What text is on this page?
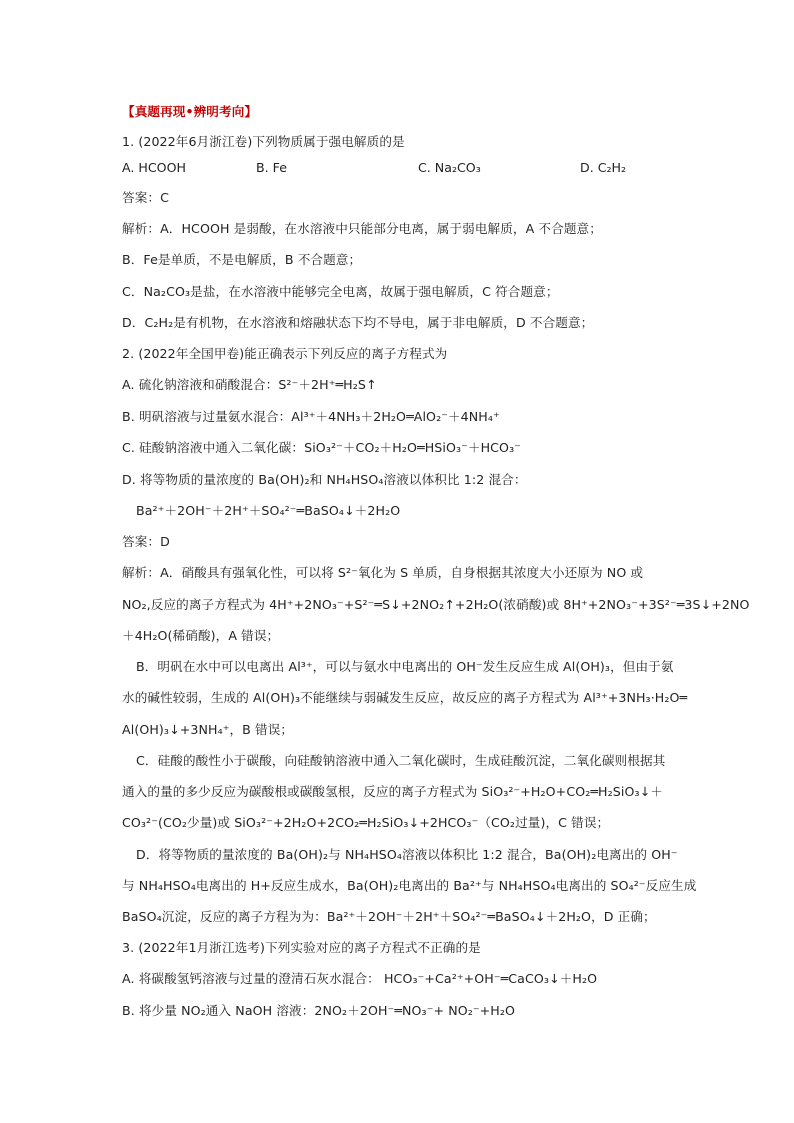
【真题再现•辨明考向】
1. (2022年6月浙江卷)下列物质属于强电解质的是
A. HCOOH	B. Fe	C. Na₂CO₃	D. C₂H₂
答案：C
解析：A．HCOOH 是弱酸，在水溶液中只能部分电离，属于弱电解质，A 不合题意；
B．Fe是单质，不是电解质，B 不合题意；
C．Na₂CO₃是盐，在水溶液中能够完全电离，故属于强电解质，C 符合题意；
D．C₂H₂是有机物，在水溶液和熔融状态下均不导电，属于非电解质，D 不合题意；
2. (2022年全国甲卷)能正确表示下列反应的离子方程式为
A. 硫化钠溶液和硝酸混合：S²⁻＋2H⁺═H₂S↑
B. 明矾溶液与过量氨水混合：Al³⁺＋4NH₃＋2H₂O═AlO₂⁻＋4NH₄⁺
C. 硅酸钠溶液中通入二氧化碳：SiO₃²⁻＋CO₂＋H₂O═HSiO₃⁻＋HCO₃⁻
D. 将等物质的量浓度的 Ba(OH)₂和 NH₄HSO₄溶液以体积比 1:2 混合：
Ba²⁺＋2OH⁻＋2H⁺＋SO₄²⁻═BaSO₄↓＋2H₂O
答案：D
解析：A．硝酸具有强氧化性，可以将 S²⁻氧化为 S 单质，自身根据其浓度大小还原为 NO 或
NO₂,反应的离子方程式为 4H⁺+2NO₃⁻+S²⁻═S↓+2NO₂↑+2H₂O(浓硝酸)或 8H⁺+2NO₃⁻+3S²⁻═3S↓+2NO
＋4H₂O(稀硝酸)，A 错误；
B．明矾在水中可以电离出 Al³⁺，可以与氨水中电离出的 OH⁻发生反应生成 Al(OH)₃，但由于氨
水的碱性较弱，生成的 Al(OH)₃不能继续与弱碱发生反应，故反应的离子方程式为 Al³⁺+3NH₃·H₂O═
Al(OH)₃↓+3NH₄⁺，B 错误；
C．硅酸的酸性小于碳酸，向硅酸钠溶液中通入二氧化碳时，生成硅酸沉淀，二氧化碳则根据其
通入的量的多少反应为碳酸根或碳酸氢根，反应的离子方程式为 SiO₃²⁻+H₂O+CO₂═H₂SiO₃↓＋
CO₃²⁻(CO₂少量)或 SiO₃²⁻+2H₂O+2CO₂═H₂SiO₃↓+2HCO₃⁻（CO₂过量)，C 错误；
D．将等物质的量浓度的 Ba(OH)₂与 NH₄HSO₄溶液以体积比 1:2 混合，Ba(OH)₂电离出的 OH⁻
与 NH₄HSO₄电离出的 H+反应生成水，Ba(OH)₂电离出的 Ba²⁺与 NH₄HSO₄电离出的 SO₄²⁻反应生成
BaSO₄沉淀，反应的离子方程为为：Ba²⁺＋2OH⁻＋2H⁺＋SO₄²⁻═BaSO₄↓＋2H₂O，D 正确；
3. (2022年1月浙江选考)下列实验对应的离子方程式不正确的是
A. 将碳酸氢钙溶液与过量的澄清石灰水混合： HCO₃⁻+Ca²⁺+OH⁻═CaCO₃↓＋H₂O
B. 将少量 NO₂通入 NaOH 溶液：2NO₂＋2OH⁻═NO₃⁻+ NO₂⁻+H₂O
